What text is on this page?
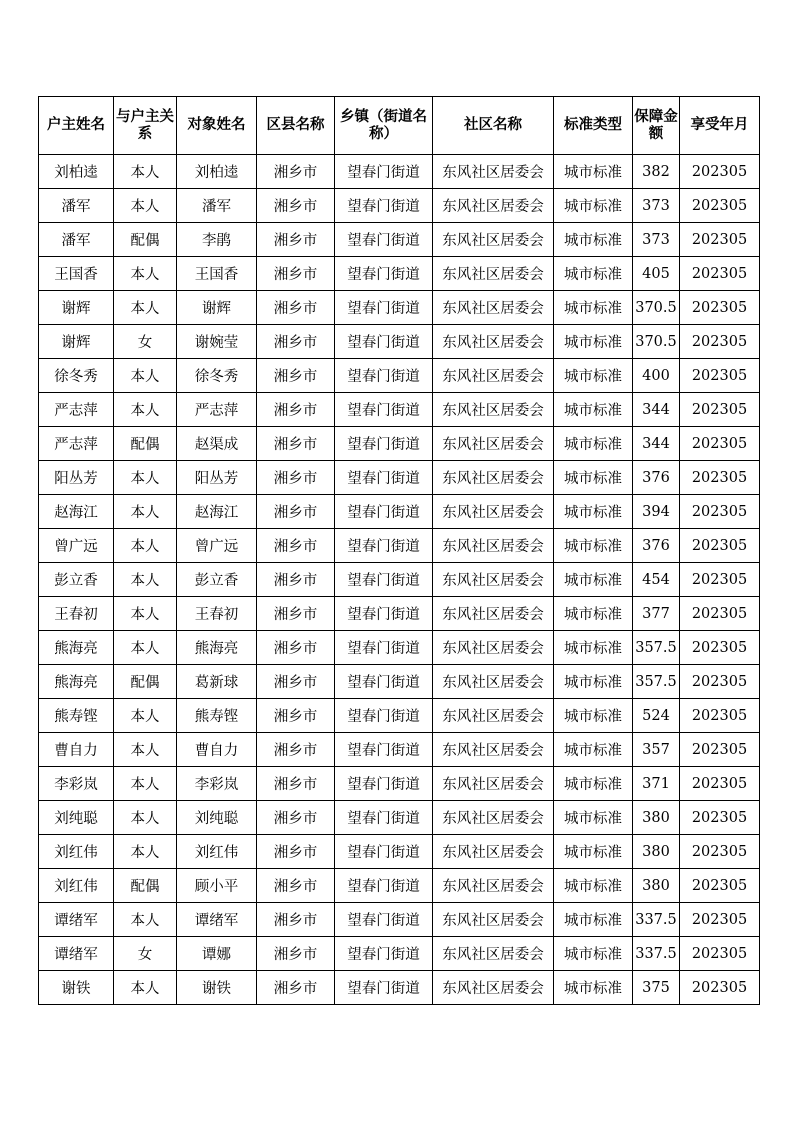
户主姓名	与户主关系	对象姓名	区县名称	乡镇（街道名称）	社区名称	标准类型	保障金额	享受年月
刘柏逵	本人	刘柏逵	湘乡市	望春门街道	东风社区居委会	城市标准	382	202305
潘军	本人	潘军	湘乡市	望春门街道	东风社区居委会	城市标准	373	202305
潘军	配偶	李鹃	湘乡市	望春门街道	东风社区居委会	城市标准	373	202305
王国香	本人	王国香	湘乡市	望春门街道	东风社区居委会	城市标准	405	202305
谢辉	本人	谢辉	湘乡市	望春门街道	东风社区居委会	城市标准	370.5	202305
谢辉	女	谢婉莹	湘乡市	望春门街道	东风社区居委会	城市标准	370.5	202305
徐冬秀	本人	徐冬秀	湘乡市	望春门街道	东风社区居委会	城市标准	400	202305
严志萍	本人	严志萍	湘乡市	望春门街道	东风社区居委会	城市标准	344	202305
严志萍	配偶	赵渠成	湘乡市	望春门街道	东风社区居委会	城市标准	344	202305
阳丛芳	本人	阳丛芳	湘乡市	望春门街道	东风社区居委会	城市标准	376	202305
赵海江	本人	赵海江	湘乡市	望春门街道	东风社区居委会	城市标准	394	202305
曾广远	本人	曾广远	湘乡市	望春门街道	东风社区居委会	城市标准	376	202305
彭立香	本人	彭立香	湘乡市	望春门街道	东风社区居委会	城市标准	454	202305
王春初	本人	王春初	湘乡市	望春门街道	东风社区居委会	城市标准	377	202305
熊海亮	本人	熊海亮	湘乡市	望春门街道	东风社区居委会	城市标准	357.5	202305
熊海亮	配偶	葛新球	湘乡市	望春门街道	东风社区居委会	城市标准	357.5	202305
熊寿铿	本人	熊寿铿	湘乡市	望春门街道	东风社区居委会	城市标准	524	202305
曹自力	本人	曹自力	湘乡市	望春门街道	东风社区居委会	城市标准	357	202305
李彩岚	本人	李彩岚	湘乡市	望春门街道	东风社区居委会	城市标准	371	202305
刘纯聪	本人	刘纯聪	湘乡市	望春门街道	东风社区居委会	城市标准	380	202305
刘红伟	本人	刘红伟	湘乡市	望春门街道	东风社区居委会	城市标准	380	202305
刘红伟	配偶	顾小平	湘乡市	望春门街道	东风社区居委会	城市标准	380	202305
谭绪军	本人	谭绪军	湘乡市	望春门街道	东风社区居委会	城市标准	337.5	202305
谭绪军	女	谭娜	湘乡市	望春门街道	东风社区居委会	城市标准	337.5	202305
谢铁	本人	谢铁	湘乡市	望春门街道	东风社区居委会	城市标准	375	202305
